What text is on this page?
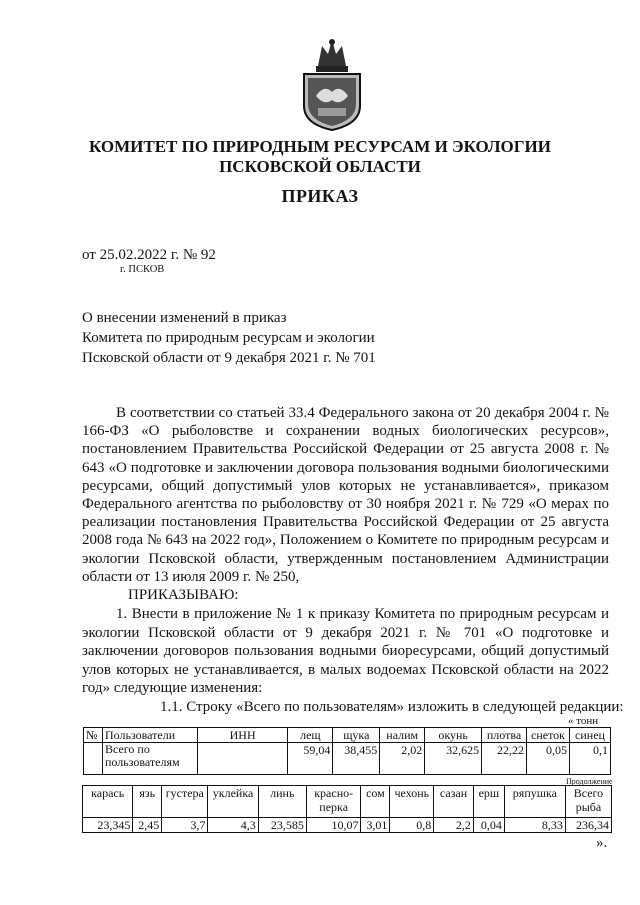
КОМИТЕТ ПО ПРИРОДНЫМ РЕСУРСАМ И ЭКОЛОГИИ
ПСКОВСКОЙ ОБЛАСТИ
ПРИКАЗ
от 25.02.2022 г. № 92
г. ПСКОВ
О внесении изменений в приказ
Комитета по природным ресурсам и экологии
Псковской области от 9 декабря 2021 г. № 701

В соответствии со статьей 33.4 Федерального закона от 20 декабря 2004 г. № 166-ФЗ «О рыболовстве и сохранении водных биологических ресурсов», постановлением Правительства Российской Федерации от 25 августа 2008 г. № 643 «О подготовке и заключении договора пользования водными биологическими ресурсами, общий допустимый улов которых не устанавливается», приказом Федерального агентства по рыболовству от 30 ноября 2021 г. № 729 «О мерах по реализации постановления Правительства Российской Федерации от 25 августа 2008 года № 643 на 2022 год», Положением о Комитете по природным ресурсам и экологии Псковской области, утвержденным постановлением Администрации области от 13 июля 2009 г. № 250,

ПРИКАЗЫВАЮ:

1. Внести в приложение № 1 к приказу Комитета по природным ресурсам и экологии Псковской области от 9 декабря 2021 г. № 701 «О подготовке и заключении договоров пользования водными биоресурсами, общий допустимый улов которых не устанавливается, в малых водоемах Псковской области на 2022 год» следующие изменения:

1.1. Строку «Всего по пользователям» изложить в следующей редакции:
« тонн
№	Пользователи	ИНН	лещ	щука	налим	окунь	плотва	снеток	синец
	Всего по пользователям		59,04	38,455	2,02	32,625	22,22	0,05	0,1
Продолжение
карась	язь	густера	уклейка	линь	красно-перка	сом	чехонь	сазан	ерш	ряпушка	Всего рыба
23,345	2,45	3,7	4,3	23,585	10,07	3,01	0,8	2,2	0,04	8,33	236,34
».
